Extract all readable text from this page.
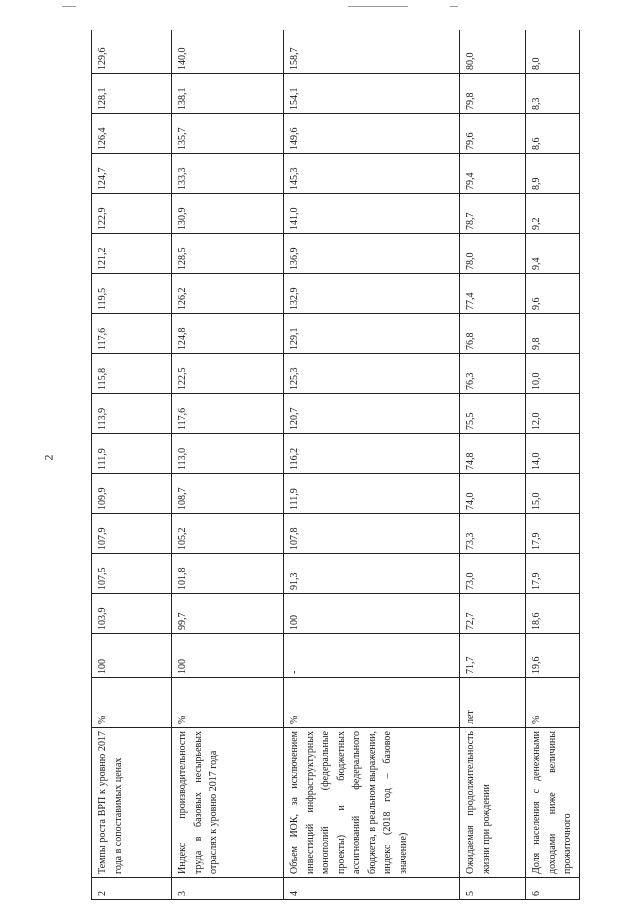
2
2	Темпы роста ВРП к уровню 2017 года в сопоставимых ценах	%	100	103,9	107,5	107,9	109,9	111,9	113,9	115,8	117,6	119,5	121,2	122,9	124,7	126,4	128,1	129,6
3	Индекс производительности труда в базовых несырьевых отраслях к уровню 2017 года	%	100	99,7	101,8	105,2	108,7	113,0	117,6	122,5	124,8	126,2	128,5	130,9	133,3	135,7	138,1	140,0
4	Объем ИОК, за исключением инвестиций инфраструктурных монополий (федеральные проекты) и бюджетных ассигнований федерального бюджета, в реальном выражении, индекс (2018 год – базовое значение)	%	-	100	91,3	107,8	111,9	116,2	120,7	125,3	129,1	132,9	136,9	141,0	145,3	149,6	154,1	158,7
5	Ожидаемая продолжительность жизни при рождении	лет	71,7	72,7	73,0	73,3	74,0	74,8	75,5	76,3	76,8	77,4	78,0	78,7	79,4	79,6	79,8	80,0
6	Доля населения с денежными доходами ниже величины прожиточного	%	19,6	18,6	17,9	17,9	15,0	14,0	12,0	10,0	9,8	9,6	9,4	9,2	8,9	8,6	8,3	8,0
